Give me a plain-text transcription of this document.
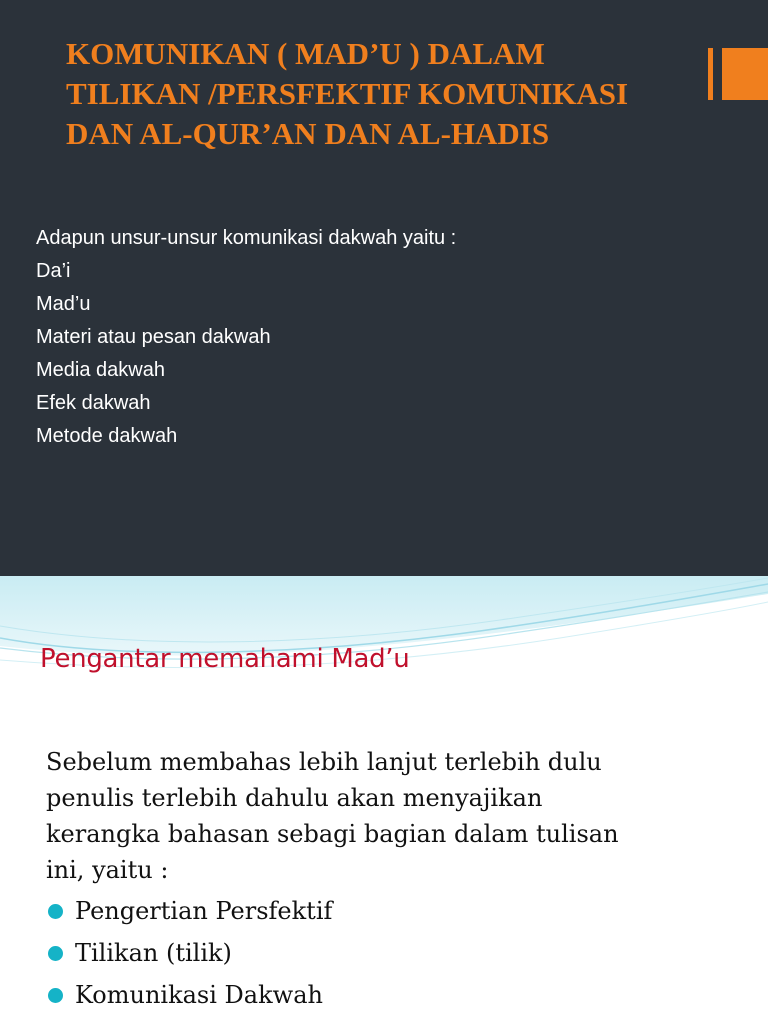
KOMUNIKAN ( MAD’U ) DALAM
TILIKAN /PERSFEKTIF KOMUNIKASI
DAN AL-QUR’AN DAN AL-HADIS
Adapun unsur-unsur komunikasi dakwah yaitu :
Da’i
Mad’u
Materi atau pesan dakwah
Media dakwah
Efek dakwah
Metode dakwah
Pengantar memahami Mad’u
Sebelum membahas lebih lanjut terlebih dulu
penulis terlebih dahulu akan menyajikan
kerangka bahasan sebagi bagian dalam tulisan
ini, yaitu :
Pengertian Persfektif
Tilikan (tilik)
Komunikasi Dakwah
